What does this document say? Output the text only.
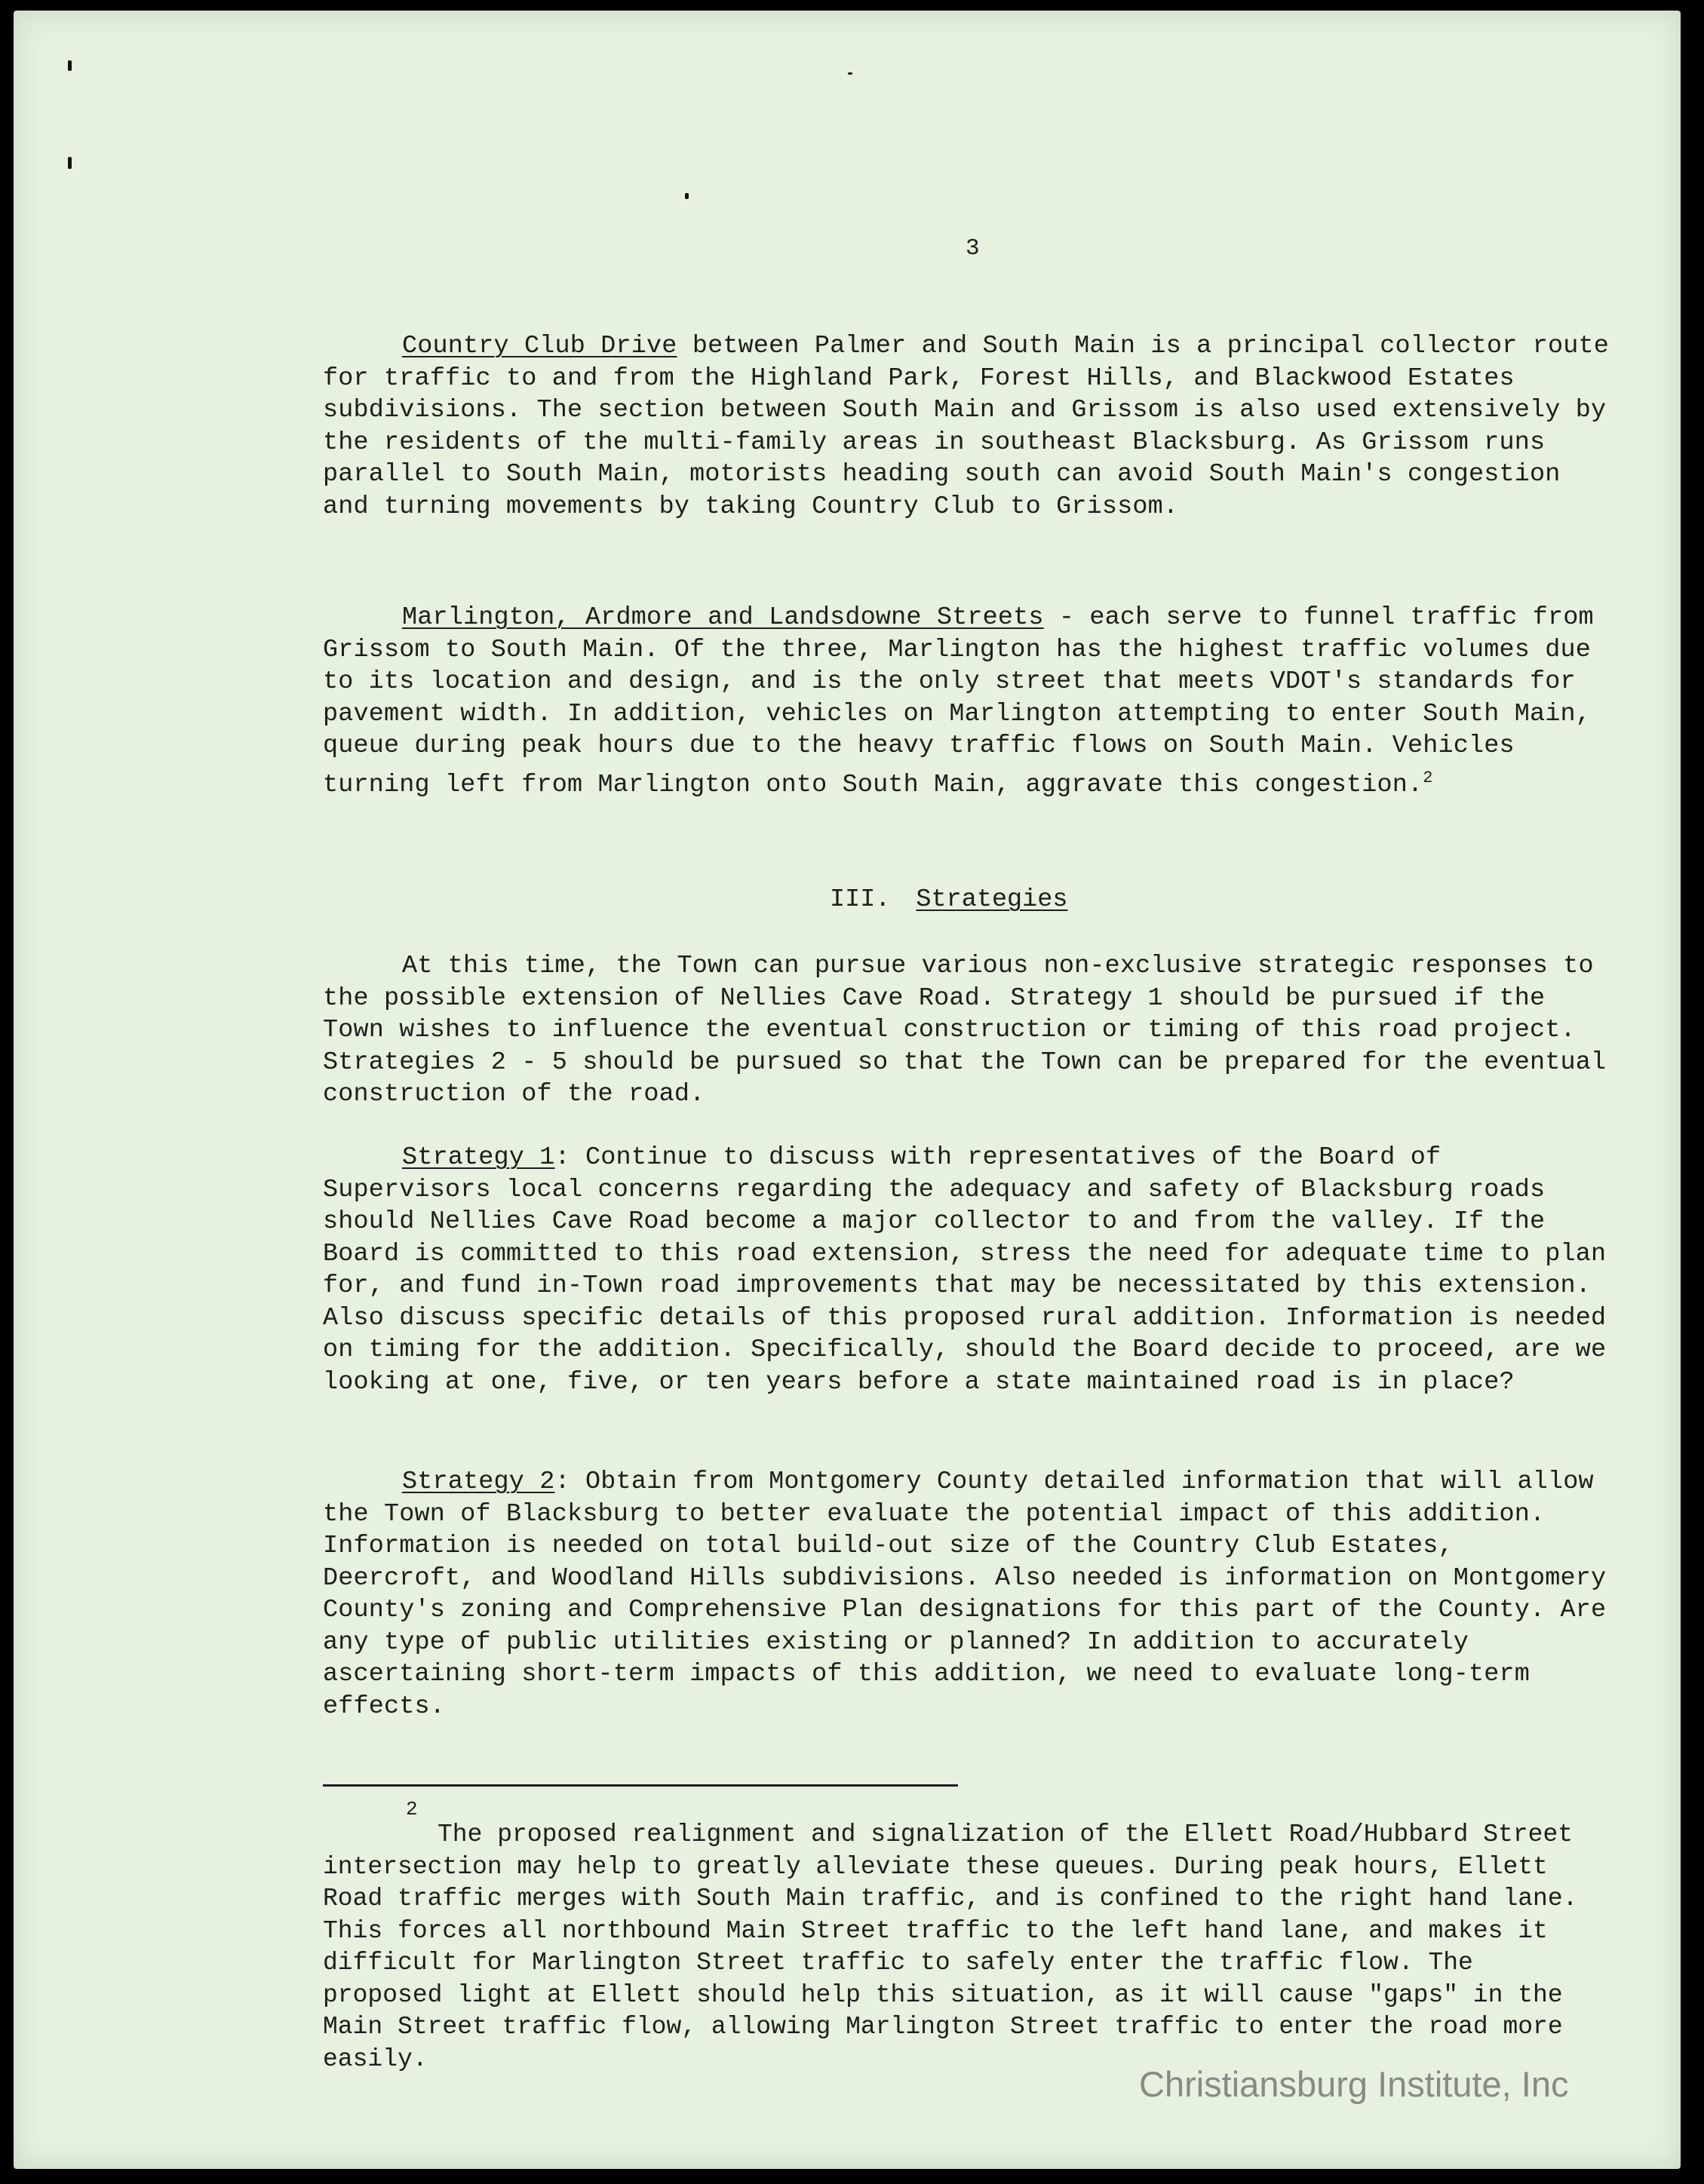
3

Country Club Drive between Palmer and South Main is a principal collector route for traffic to and from the Highland Park, Forest Hills, and Blackwood Estates subdivisions. The section between South Main and Grissom is also used extensively by the residents of the multi-family areas in southeast Blacksburg. As Grissom runs parallel to South Main, motorists heading south can avoid South Main's congestion and turning movements by taking Country Club to Grissom.

Marlington, Ardmore and Landsdowne Streets - each serve to funnel traffic from Grissom to South Main. Of the three, Marlington has the highest traffic volumes due to its location and design, and is the only street that meets VDOT's standards for pavement width. In addition, vehicles on Marlington attempting to enter South Main, queue during peak hours due to the heavy traffic flows on South Main. Vehicles turning left from Marlington onto South Main, aggravate this congestion.$^2$

III. Strategies

At this time, the Town can pursue various non-exclusive strategic responses to the possible extension of Nellies Cave Road. Strategy 1 should be pursued if the Town wishes to influence the eventual construction or timing of this road project. Strategies 2 - 5 should be pursued so that the Town can be prepared for the eventual construction of the road.

Strategy 1: Continue to discuss with representatives of the Board of Supervisors local concerns regarding the adequacy and safety of Blacksburg roads should Nellies Cave Road become a major collector to and from the valley. If the Board is committed to this road extension, stress the need for adequate time to plan for, and fund in-Town road improvements that may be necessitated by this extension. Also discuss specific details of this proposed rural addition. Information is needed on timing for the addition. Specifically, should the Board decide to proceed, are we looking at one, five, or ten years before a state maintained road is in place?

Strategy 2: Obtain from Montgomery County detailed information that will allow the Town of Blacksburg to better evaluate the potential impact of this addition. Information is needed on total build-out size of the Country Club Estates, Deercroft, and Woodland Hills subdivisions. Also needed is information on Montgomery County's zoning and Comprehensive Plan designations for this part of the County. Are any type of public utilities existing or planned? In addition to accurately ascertaining short-term impacts of this addition, we need to evaluate long-term effects.

2

The proposed realignment and signalization of the Ellett Road/Hubbard Street intersection may help to greatly alleviate these queues. During peak hours, Ellett Road traffic merges with South Main traffic, and is confined to the right hand lane. This forces all northbound Main Street traffic to the left hand lane, and makes it difficult for Marlington Street traffic to safely enter the traffic flow. The proposed light at Ellett should help this situation, as it will cause "gaps" in the Main Street traffic flow, allowing Marlington Street traffic to enter the road more easily.

Christiansburg Institute, Inc
